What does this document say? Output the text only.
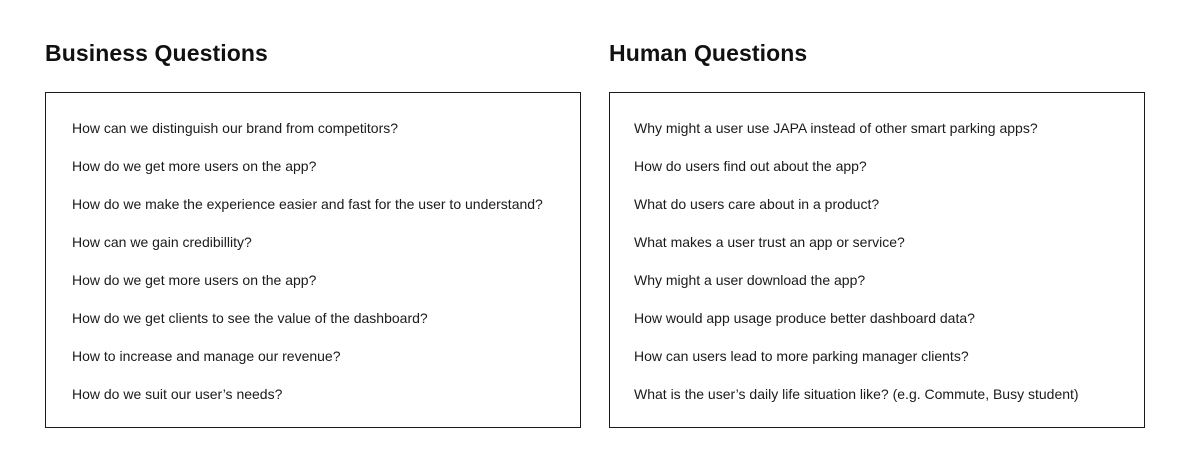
Business Questions
How can we distinguish our brand from competitors?
How do we get more users on the app?
How do we make the experience easier and fast for the user to understand?
How can we gain credibillity?
How do we get more users on the app?
How do we get clients to see the value of the dashboard?
How to increase and manage our revenue?
How do we suit our user’s needs?
Human Questions
Why might a user use JAPA instead of other smart parking apps?
How do users find out about the app?
What do users care about in a product?
What makes a user trust an app or service?
Why might a user download the app?
How would app usage produce better dashboard data?
How can users lead to more parking manager clients?
What is the user’s daily life situation like? (e.g. Commute, Busy student)
